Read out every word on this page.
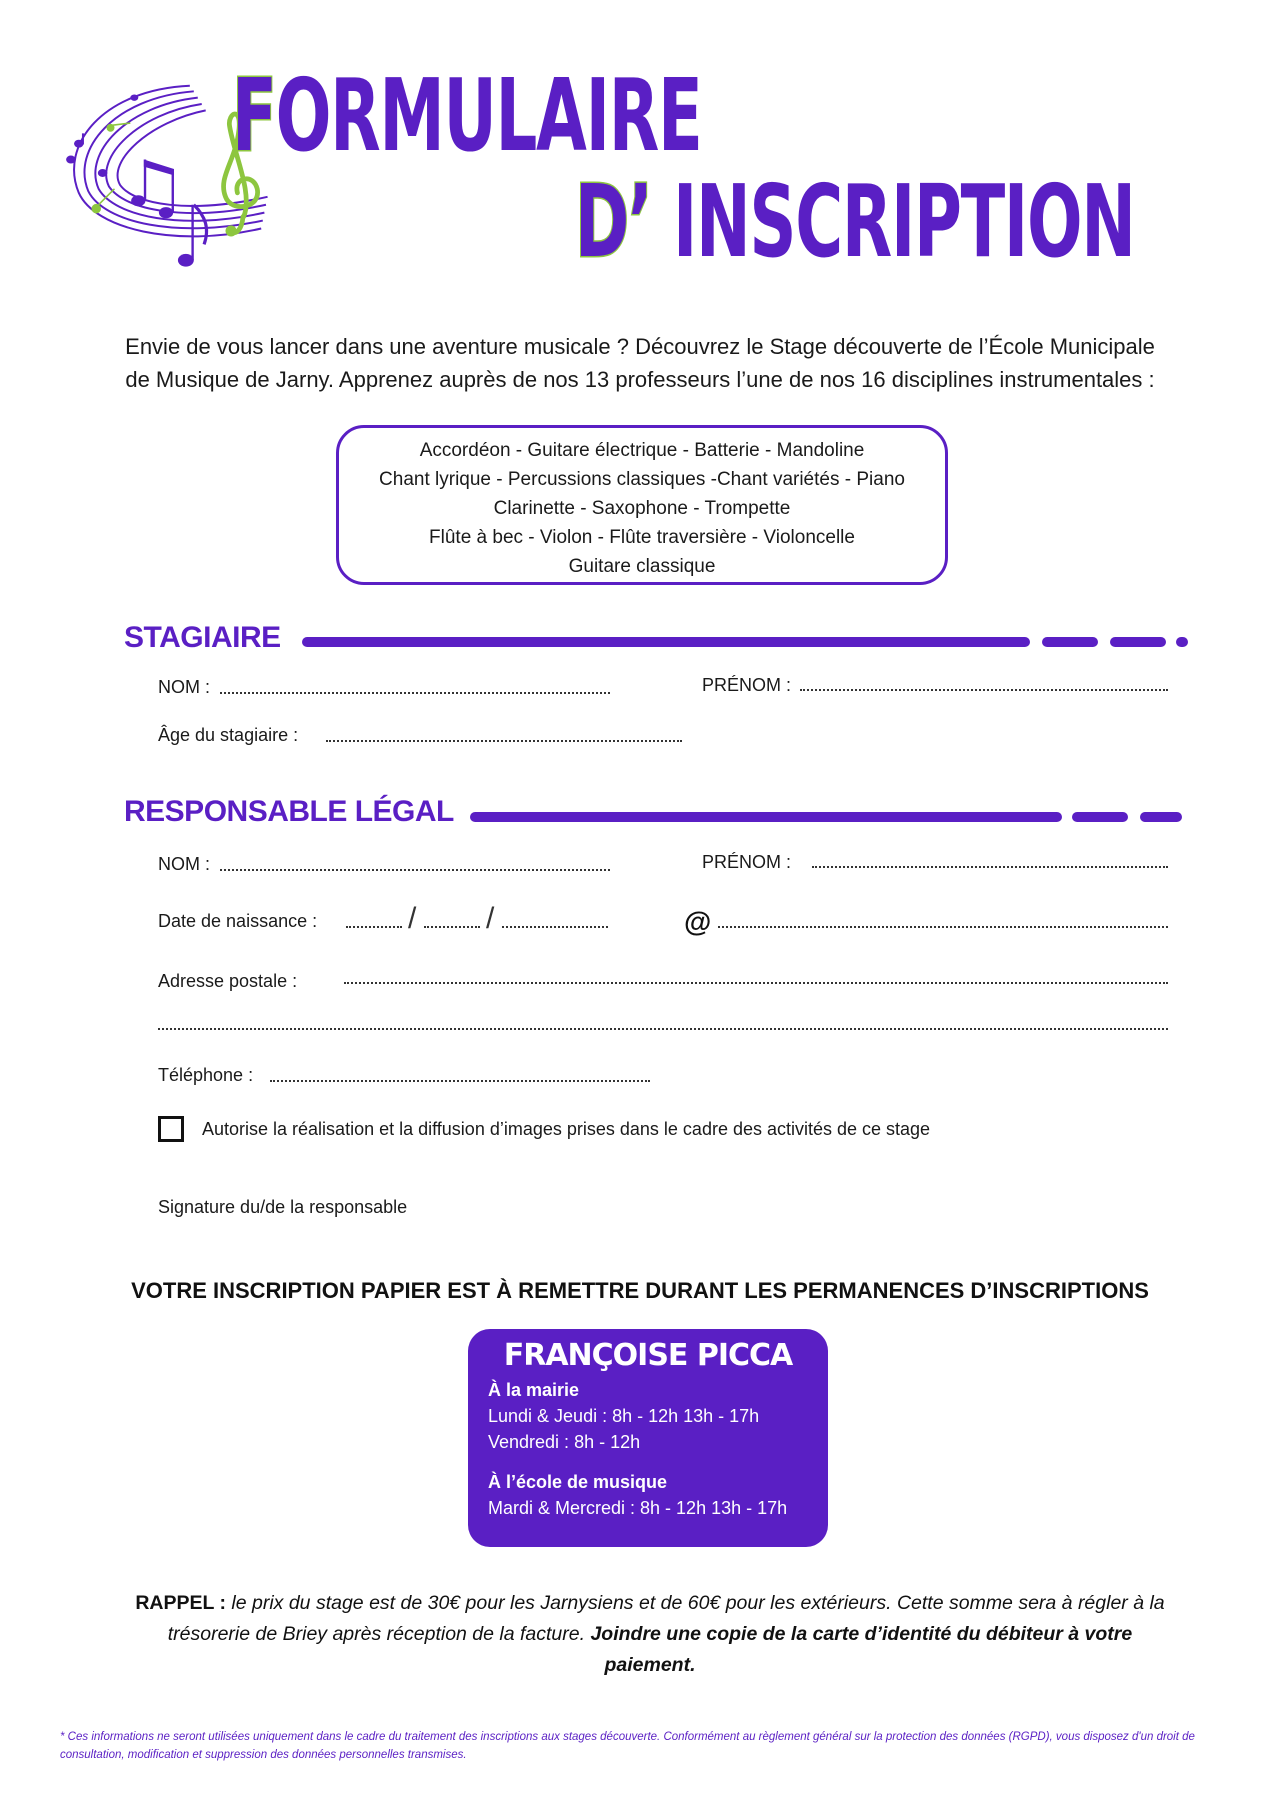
FORMULAIRE
D’ INSCRIPTION

Envie de vous lancer dans une aventure musicale ? Découvrez le Stage découverte de l’École Municipale
de Musique de Jarny. Apprenez auprès de nos 13 professeurs l’une de nos 16 disciplines instrumentales :

Accordéon - Guitare électrique - Batterie - Mandoline
Chant lyrique - Percussions classiques -Chant variétés - Piano
Clarinette - Saxophone - Trompette
Flûte à bec - Violon - Flûte traversière - Violoncelle
Guitare classique
STAGIAIRE
NOM :	PRÉNOM :
Âge du stagiaire :
RESPONSABLE LÉGAL
NOM :	PRÉNOM :
Date de naissance :	/ /	@
Adresse postale :
Téléphone :
Autorise la réalisation et la diffusion d’images prises dans le cadre des activités de ce stage
Signature du/de la responsable
VOTRE INSCRIPTION PAPIER EST À REMETTRE DURANT LES PERMANENCES D’INSCRIPTIONS
FRANÇOISE PICCA
À la mairie
Lundi & Jeudi : 8h - 12h 13h - 17h
Vendredi : 8h - 12h
À l’école de musique
Mardi & Mercredi : 8h - 12h 13h - 17h

RAPPEL : le prix du stage est de 30€ pour les Jarnysiens et de 60€ pour les extérieurs. Cette somme sera à régler à la trésorerie de Briey après réception de la facture. Joindre une copie de la carte d’identité du débiteur à votre paiement.

* Ces informations ne seront utilisées uniquement dans le cadre du traitement des inscriptions aux stages découverte. Conformément au règlement général sur la protection des données (RGPD), vous disposez d'un droit de consultation, modification et suppression des données personnelles transmises.
